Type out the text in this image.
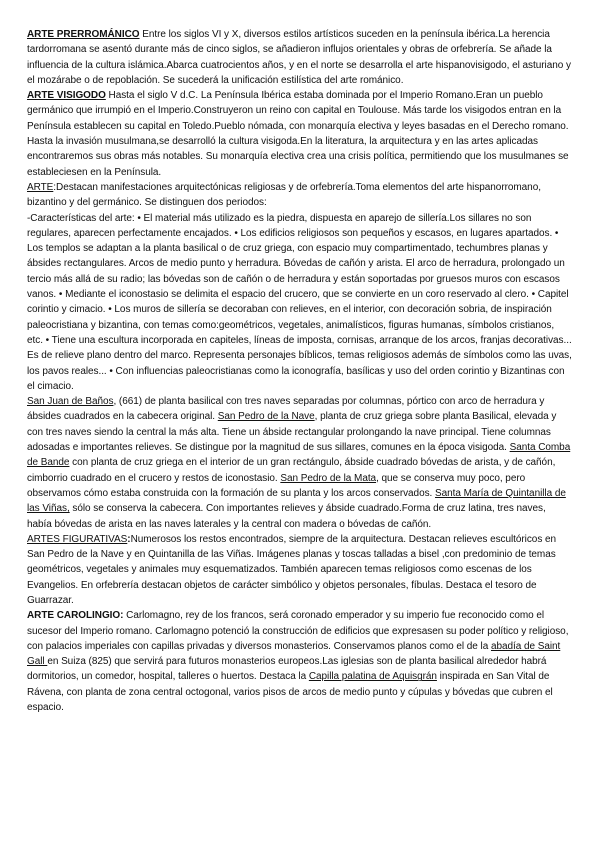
ARTE PRERROMÁNICO Entre los siglos VI y X, diversos estilos artísticos suceden en la península ibérica.La herencia tardorromana se asentó durante más de cinco siglos, se añadieron influjos orientales y obras de orfebrería. Se añade la influencia de la cultura islámica.Abarca cuatrocientos años, y en el norte se desarrolla el arte hispanovisigodo, el asturiano y el mozárabe o de repoblación. Se sucederá la unificación estilística del arte románico.

ARTE VISIGODO Hasta el siglo V d.C. La Península Ibérica estaba dominada por el Imperio Romano.Eran un pueblo germánico que irrumpió en el Imperio.Construyeron un reino con capital en Toulouse. Más tarde los visigodos entran en la Península establecen su capital en Toledo.Pueblo nómada, con monarquía electiva y leyes basadas en el Derecho romano. Hasta la invasión musulmana,se desarrolló la cultura visigoda.En la literatura, la arquitectura y en las artes aplicadas encontraremos sus obras más notables. Su monarquía electiva crea una crisis política, permitiendo que los musulmanes se estableciesen en la Península.

ARTE:Destacan manifestaciones arquitectónicas religiosas y de orfebrería.Toma elementos del arte hispanorromano, bizantino y del germánico. Se distinguen dos periodos:

-Características del arte: • El material más utilizado es la piedra, dispuesta en aparejo de sillería.Los sillares no son regulares, aparecen perfectamente encajados. • Los edificios religiosos son pequeños y escasos, en lugares apartados. • Los templos se adaptan a la planta basilical o de cruz griega, con espacio muy compartimentado, techumbres planas y ábsides rectangulares. Arcos de medio punto y herradura. Bóvedas de cañón y arista. El arco de herradura, prolongado un tercio más allá de su radio; las bóvedas son de cañón o de herradura y están soportadas por gruesos muros con escasos vanos. • Mediante el iconostasio se delimita el espacio del crucero, que se convierte en un coro reservado al clero. • Capitel corintio y cimacio. • Los muros de sillería se decoraban con relieves, en el interior, con decoración sobria, de inspiración paleocristiana y bizantina, con temas como:geométricos, vegetales, animalísticos, figuras humanas, símbolos cristianos, etc. • Tiene una escultura incorporada en capiteles, líneas de imposta, cornisas, arranque de los arcos, franjas decorativas... Es de relieve plano dentro del marco. Representa personajes bíblicos, temas religiosos además de símbolos como las uvas, los pavos reales... • Con influencias paleocristianas como la iconografía, basílicas y uso del orden corintio y Bizantinas con el cimacio.

San Juan de Baños, (661) de planta basilical con tres naves separadas por columnas, pórtico con arco de herradura y ábsides cuadrados en la cabecera original. San Pedro de la Nave, planta de cruz griega sobre planta Basilical, elevada y con tres naves siendo la central la más alta. Tiene un ábside rectangular prolongando la nave principal. Tiene columnas adosadas e importantes relieves. Se distingue por la magnitud de sus sillares, comunes en la época visigoda. Santa Comba de Bande con planta de cruz griega en el interior de un gran rectángulo, ábside cuadrado bóvedas de arista, y de cañón, cimborrio cuadrado en el crucero y restos de iconostasio. San Pedro de la Mata, que se conserva muy poco, pero observamos cómo estaba construida con la formación de su planta y los arcos conservados. Santa María de Quintanilla de las Viñas, sólo se conserva la cabecera. Con importantes relieves y ábside cuadrado.Forma de cruz latina, tres naves, había bóvedas de arista en las naves laterales y la central con madera o bóvedas de cañón.

ARTES FIGURATIVAS:Numerosos los restos encontrados, siempre de la arquitectura. Destacan relieves escultóricos en San Pedro de la Nave y en Quintanilla de las Viñas. Imágenes planas y toscas talladas a bisel ,con predominio de temas geométricos, vegetales y animales muy esquematizados. También aparecen temas religiosos como escenas de los Evangelios. En orfebrería destacan objetos de carácter simbólico y objetos personales, fíbulas. Destaca el tesoro de Guarrazar.

ARTE CAROLINGIO: Carlomagno, rey de los francos, será coronado emperador y su imperio fue reconocido como el sucesor del Imperio romano. Carlomagno potenció la construcción de edificios que expresasen su poder político y religioso, con palacios imperiales con capillas privadas y diversos monasterios. Conservamos planos como el de la abadía de Saint Gall en Suiza (825) que servirá para futuros monasterios europeos.Las iglesias son de planta basilical alrededor habrá dormitorios, un comedor, hospital, talleres o huertos. Destaca la Capilla palatina de Aquisgrán inspirada en San Vital de Rávena, con planta de zona central octogonal, varios pisos de arcos de medio punto y cúpulas y bóvedas que cubren el espacio.
